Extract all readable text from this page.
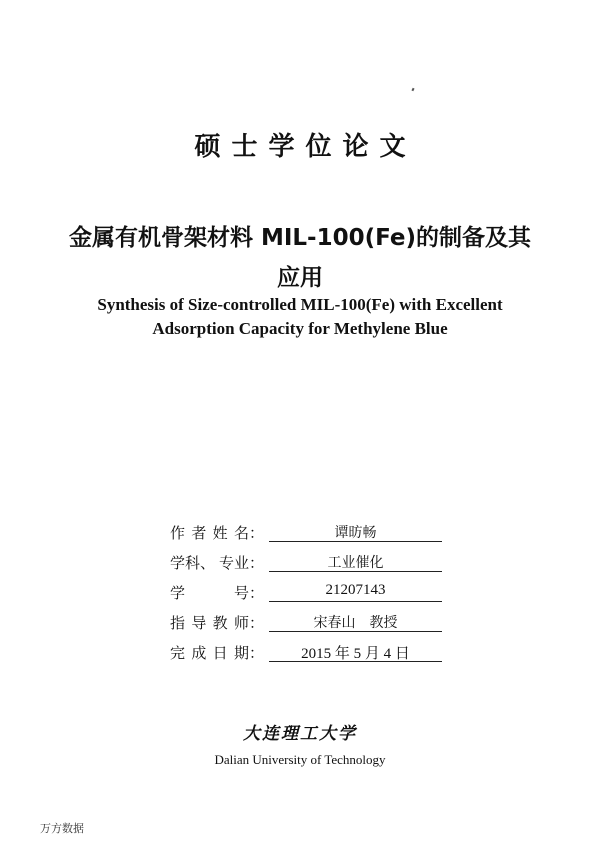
硕士学位论文
金属有机骨架材料 MIL-100(Fe)的制备及其应用
Synthesis of Size-controlled MIL-100(Fe) with Excellent
Adsorption Capacity for Methylene Blue
作 者 姓 名：	谭昉畅
学科、 专业：	工业催化
学	号：	21207143
指 导 教 师：	宋春山　教授
完 成 日 期：	2015 年 5 月 4 日
大连理工大学
Dalian University of Technology
万方数据
